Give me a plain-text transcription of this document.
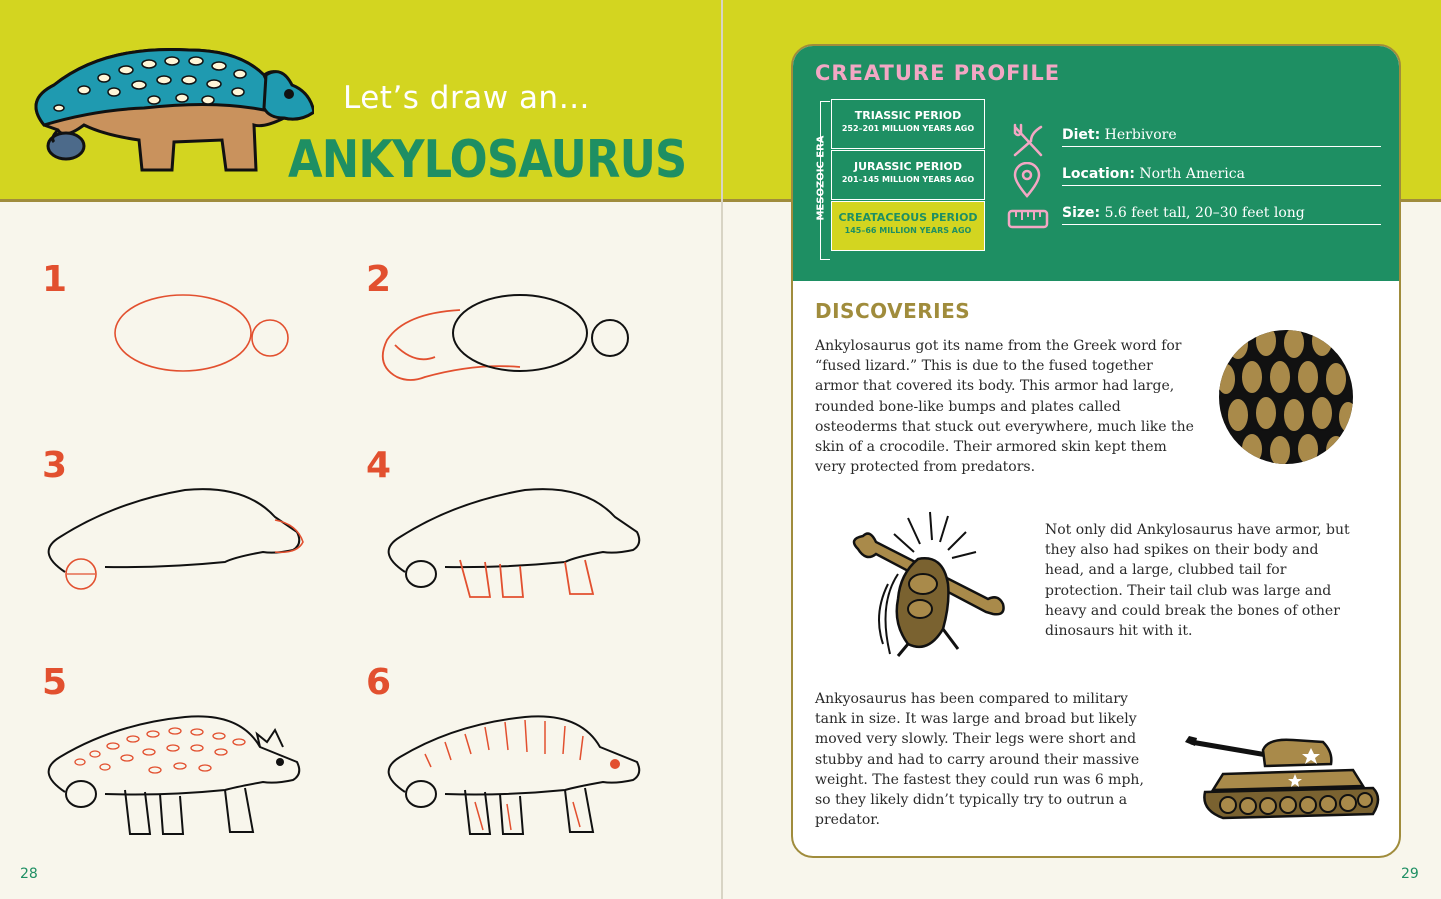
Let’s draw an…
ANKYLOSAURUS
1	2
3	4
5	6
28
CREATURE PROFILE
MESOZOIC ERA
TRIASSIC PERIOD
252–201 MILLION YEARS AGO
JURASSIC PERIOD
201–145 MILLION YEARS AGO
CREATACEOUS PERIOD
145–66 MILLION YEARS AGO
Diet: Herbivore
Location: North America
Size: 5.6 feet tall, 20–30 feet long
DISCOVERIES
Ankylosaurus got its name from the Greek word for “fused lizard.” This is due to the fused together armor that covered its body. This armor had large, rounded bone-like bumps and plates called osteoderms that stuck out everywhere, much like the skin of a crocodile. Their armored skin kept them very protected from predators.
Not only did Ankylosaurus have armor, but they also had spikes on their body and head, and a large, clubbed tail for protection. Their tail club was large and heavy and could break the bones of other dinosaurs hit with it.
Ankyosaurus has been compared to military tank in size. It was large and broad but likely moved very slowly. Their legs were short and stubby and had to carry around their massive weight. The fastest they could run was 6 mph, so they likely didn’t typically try to outrun a predator.
29
